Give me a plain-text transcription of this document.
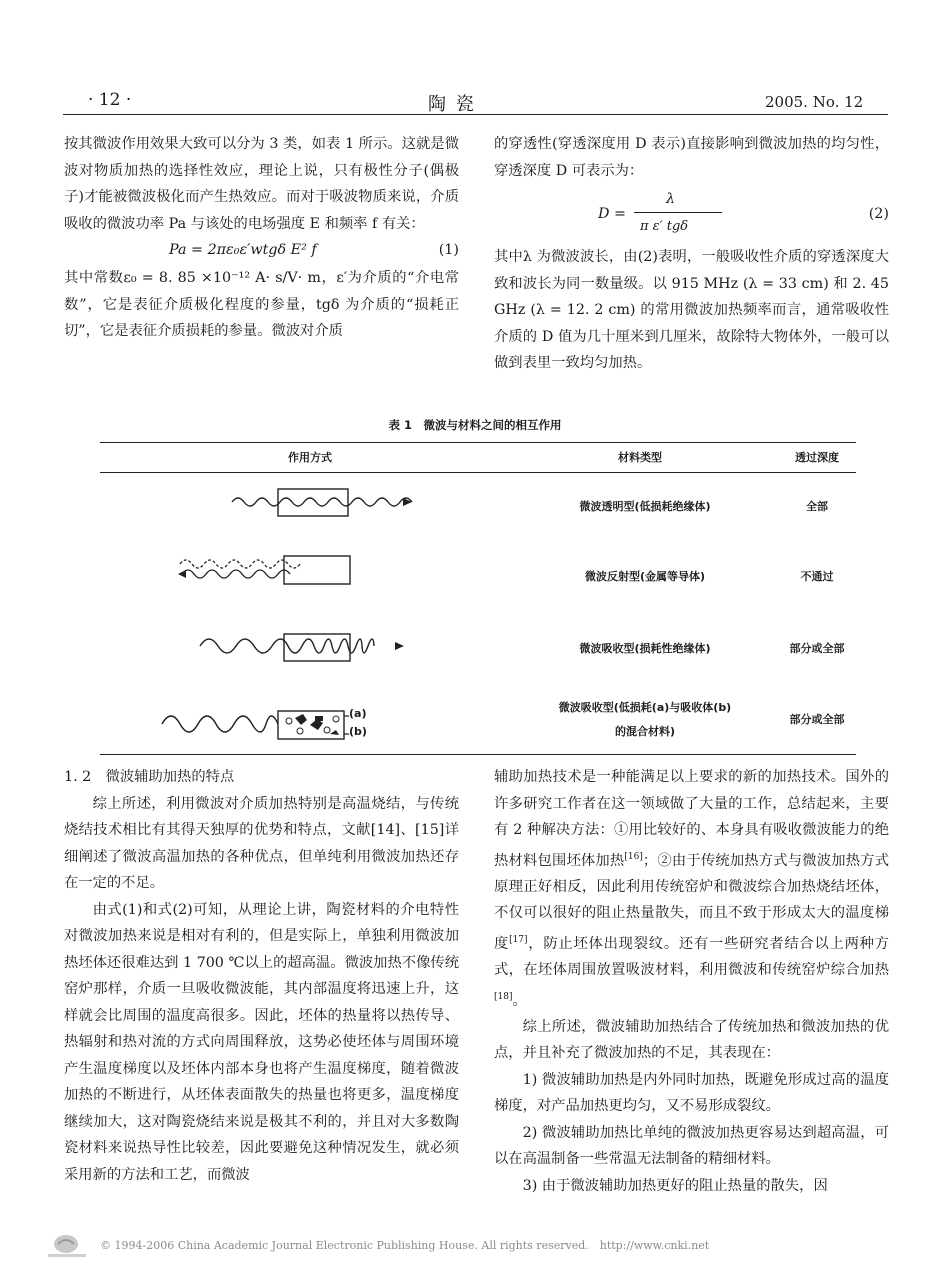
· 12 ·	陶 瓷	2005. No. 12

按其微波作用效果大致可以分为 3 类，如表 1 所示。这就是微波对物质加热的选择性效应，理论上说，只有极性分子(偶极子)才能被微波极化而产生热效应。而对于吸波物质来说，介质吸收的微波功率 Pa 与该处的电场强度 E 和频率 f 有关：

Pa = 2πε₀ε′wtgδ E² f	(1)

其中常数ε₀ = 8. 85 ×10⁻¹² A· s/V· m，ε′为介质的“介电常数”，它是表征介质极化程度的参量，tgδ 为介质的“损耗正切”，它是表征介质损耗的参量。微波对介质

的穿透性(穿透深度用 D 表示)直接影响到微波加热的均匀性，穿透深度 D 可表示为：

D =
λ
π ε′ tgδ
(2)

其中λ 为微波波长，由(2)表明，一般吸收性介质的穿透深度大致和波长为同一数量级。以 915 MHz (λ = 33 cm) 和 2. 45 GHz (λ = 12. 2 cm) 的常用微波加热频率而言，通常吸收性介质的 D 值为几十厘米到几厘米，故除特大物体外，一般可以做到表里一致均匀加热。

表 1　微波与材料之间的相互作用
作用方式	材料类型	透过深度
(a)
(b)
微波透明型(低损耗绝缘体)	全部
微波反射型(金属等导体)	不通过
微波吸收型(损耗性绝缘体)	部分或全部
微波吸收型(低损耗(a)与吸收体(b)
的混合材料)
部分或全部

1. 2　微波辅助加热的特点

综上所述，利用微波对介质加热特别是高温烧结，与传统烧结技术相比有其得天独厚的优势和特点，文献[14]、[15]详细阐述了微波高温加热的各种优点，但单纯利用微波加热还存在一定的不足。

由式(1)和式(2)可知，从理论上讲，陶瓷材料的介电特性对微波加热来说是相对有利的，但是实际上，单独利用微波加热坯体还很难达到 1 700 ℃以上的超高温。微波加热不像传统窑炉那样，介质一旦吸收微波能，其内部温度将迅速上升，这样就会比周围的温度高很多。因此，坯体的热量将以热传导、热辐射和热对流的方式向周围释放，这势必使坯体与周围环境产生温度梯度以及坯体内部本身也将产生温度梯度，随着微波加热的不断进行，从坯体表面散失的热量也将更多，温度梯度继续加大，这对陶瓷烧结来说是极其不利的，并且对大多数陶瓷材料来说热导性比较差，因此要避免这种情况发生，就必须采用新的方法和工艺，而微波

辅助加热技术是一种能满足以上要求的新的加热技术。国外的许多研究工作者在这一领域做了大量的工作，总结起来，主要有 2 种解决方法：①用比较好的、本身具有吸收微波能力的绝热材料包围坯体加热[16]；②由于传统加热方式与微波加热方式原理正好相反，因此利用传统窑炉和微波综合加热烧结坯体，不仅可以很好的阻止热量散失，而且不致于形成太大的温度梯度[17]，防止坯体出现裂纹。还有一些研究者结合以上两种方式，在坯体周围放置吸波材料，利用微波和传统窑炉综合加热[18]。

综上所述，微波辅助加热结合了传统加热和微波加热的优点，并且补充了微波加热的不足，其表现在：

1) 微波辅助加热是内外同时加热，既避免形成过高的温度梯度，对产品加热更均匀，又不易形成裂纹。

2) 微波辅助加热比单纯的微波加热更容易达到超高温，可以在高温制备一些常温无法制备的精细材料。

3) 由于微波辅助加热更好的阻止热量的散失，因

© 1994-2006 China Academic Journal Electronic Publishing House. All rights reserved.　http://www.cnki.net
